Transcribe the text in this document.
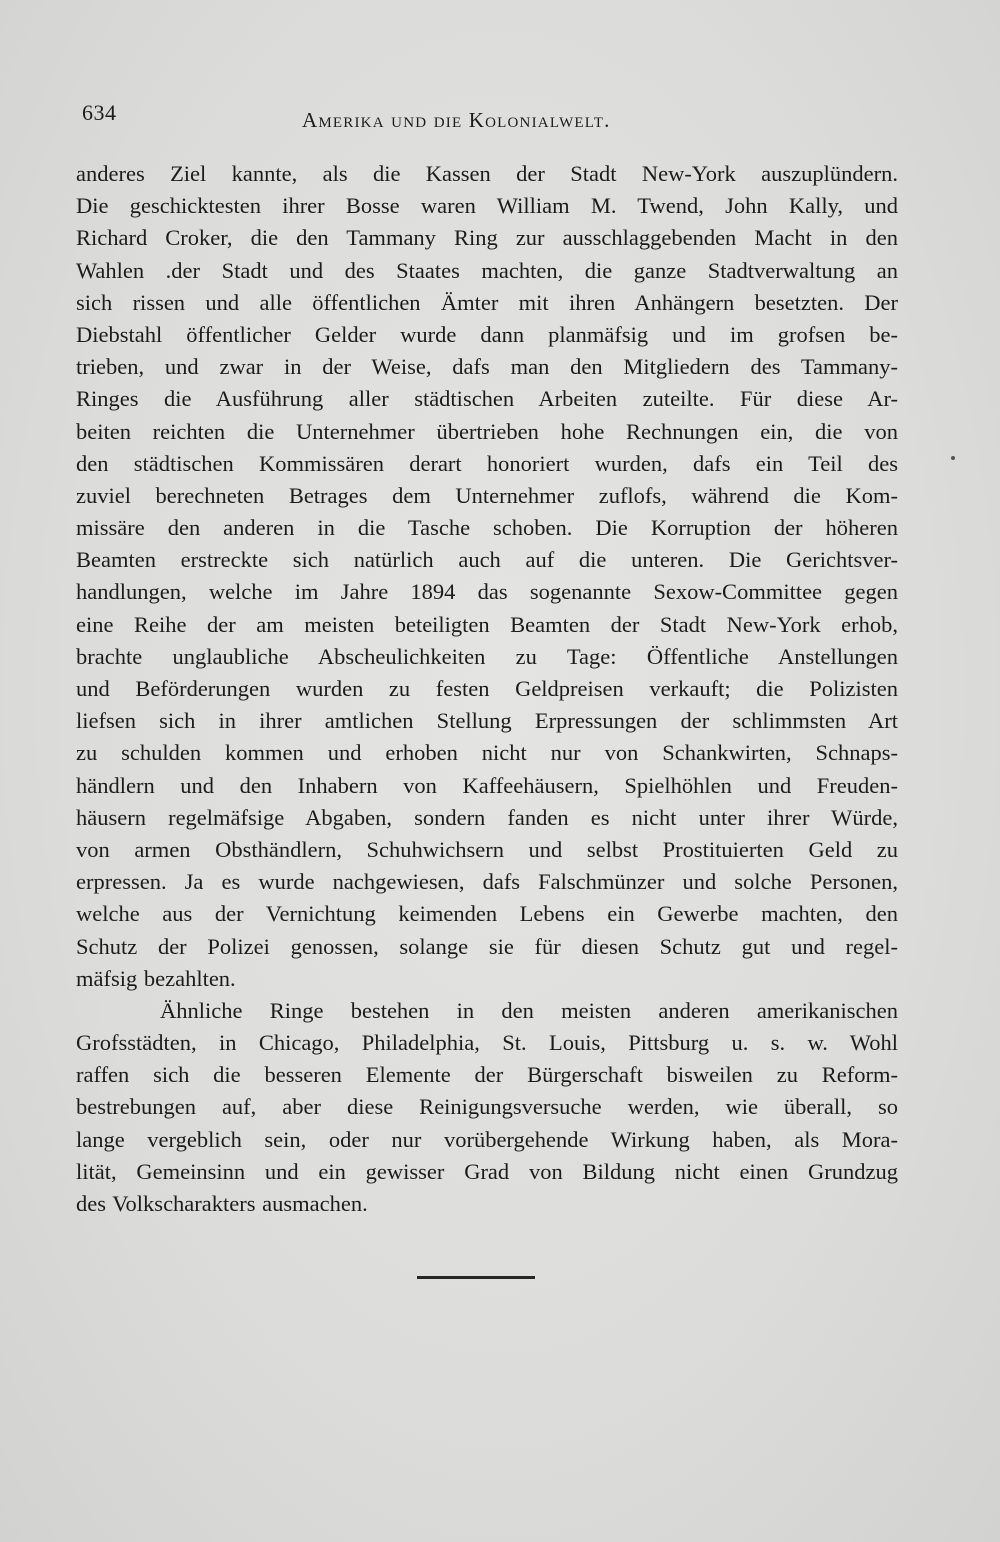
634	Amerika und die Kolonialwelt.
anderes Ziel kannte, als die Kassen der Stadt New-York auszuplündern.
Die geschicktesten ihrer Bosse waren William M. Twend, John Kally, und
Richard Croker, die den Tammany Ring zur ausschlaggebenden Macht in den
Wahlen .der Stadt und des Staates machten, die ganze Stadtverwaltung an
sich rissen und alle öffentlichen Ämter mit ihren Anhängern besetzten. Der
Diebstahl öffentlicher Gelder wurde dann planmäfsig und im grofsen be-
trieben, und zwar in der Weise, dafs man den Mitgliedern des Tammany-
Ringes die Ausführung aller städtischen Arbeiten zuteilte. Für diese Ar-
beiten reichten die Unternehmer übertrieben hohe Rechnungen ein, die von
den städtischen Kommissären derart honoriert wurden, dafs ein Teil des
zuviel berechneten Betrages dem Unternehmer zuflofs, während die Kom-
missäre den anderen in die Tasche schoben. Die Korruption der höheren
Beamten erstreckte sich natürlich auch auf die unteren. Die Gerichtsver-
handlungen, welche im Jahre 1894 das sogenannte Sexow-Committee gegen
eine Reihe der am meisten beteiligten Beamten der Stadt New-York erhob,
brachte unglaubliche Abscheulichkeiten zu Tage: Öffentliche Anstellungen
und Beförderungen wurden zu festen Geldpreisen verkauft; die Polizisten
liefsen sich in ihrer amtlichen Stellung Erpressungen der schlimmsten Art
zu schulden kommen und erhoben nicht nur von Schankwirten, Schnaps-
händlern und den Inhabern von Kaffeehäusern, Spielhöhlen und Freuden-
häusern regelmäfsige Abgaben, sondern fanden es nicht unter ihrer Würde,
von armen Obsthändlern, Schuhwichsern und selbst Prostituierten Geld zu
erpressen. Ja es wurde nachgewiesen, dafs Falschmünzer und solche Personen,
welche aus der Vernichtung keimenden Lebens ein Gewerbe machten, den
Schutz der Polizei genossen, solange sie für diesen Schutz gut und regel-
mäfsig bezahlten.
Ähnliche Ringe bestehen in den meisten anderen amerikanischen
Grofsstädten, in Chicago, Philadelphia, St. Louis, Pittsburg u. s. w. Wohl
raffen sich die besseren Elemente der Bürgerschaft bisweilen zu Reform-
bestrebungen auf, aber diese Reinigungsversuche werden, wie überall, so
lange vergeblich sein, oder nur vorübergehende Wirkung haben, als Mora-
lität, Gemeinsinn und ein gewisser Grad von Bildung nicht einen Grundzug
des Volkscharakters ausmachen.
